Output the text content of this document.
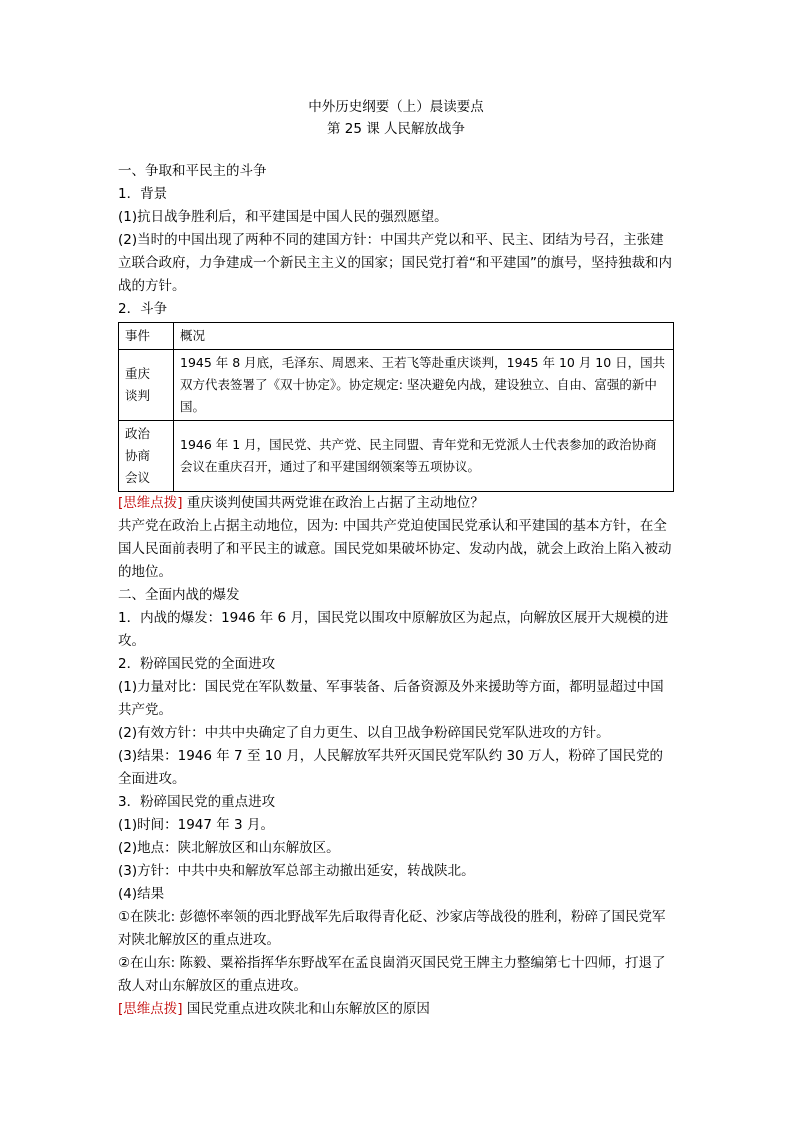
中外历史纲要（上）晨读要点
第 25 课 人民解放战争

一、争取和平民主的斗争

1．背景

(1)抗日战争胜利后，和平建国是中国人民的强烈愿望。

(2)当时的中国出现了两种不同的建国方针：中国共产党以和平、民主、团结为号召，主张建立联合政府，力争建成一个新民主主义的国家；国民党打着“和平建国”的旗号，坚持独裁和内战的方针。

2．斗争

事件	概况

重庆
谈判	1945 年 8 月底，毛泽东、周恩来、王若飞等赴重庆谈判，1945 年 10 月 10 日，国共双方代表签署了《双十协定》。协定规定: 坚决避免内战，建设独立、自由、富强的新中国。

政治
协商
会议	1946 年 1 月，国民党、共产党、民主同盟、青年党和无党派人士代表参加的政治协商会议在重庆召开，通过了和平建国纲领案等五项协议。

[思维点拨] 重庆谈判使国共两党谁在政治上占据了主动地位？

共产党在政治上占据主动地位，因为: 中国共产党迫使国民党承认和平建国的基本方针，在全国人民面前表明了和平民主的诚意。国民党如果破坏协定、发动内战，就会上政治上陷入被动的地位。

二、全面内战的爆发

1．内战的爆发：1946 年 6 月，国民党以围攻中原解放区为起点，向解放区展开大规模的进攻。

2．粉碎国民党的全面进攻

(1)力量对比：国民党在军队数量、军事装备、后备资源及外来援助等方面，都明显超过中国共产党。

(2)有效方针：中共中央确定了自力更生、以自卫战争粉碎国民党军队进攻的方针。

(3)结果：1946 年 7 至 10 月，人民解放军共歼灭国民党军队约 30 万人，粉碎了国民党的全面进攻。

3．粉碎国民党的重点进攻

(1)时间：1947 年 3 月。

(2)地点：陕北解放区和山东解放区。

(3)方针：中共中央和解放军总部主动撤出延安，转战陕北。

(4)结果

①在陕北: 彭德怀率领的西北野战军先后取得青化砭、沙家店等战役的胜利，粉碎了国民党军对陕北解放区的重点进攻。

②在山东: 陈毅、粟裕指挥华东野战军在孟良崮消灭国民党王牌主力整编第七十四师，打退了敌人对山东解放区的重点进攻。

[思维点拨] 国民党重点进攻陕北和山东解放区的原因
